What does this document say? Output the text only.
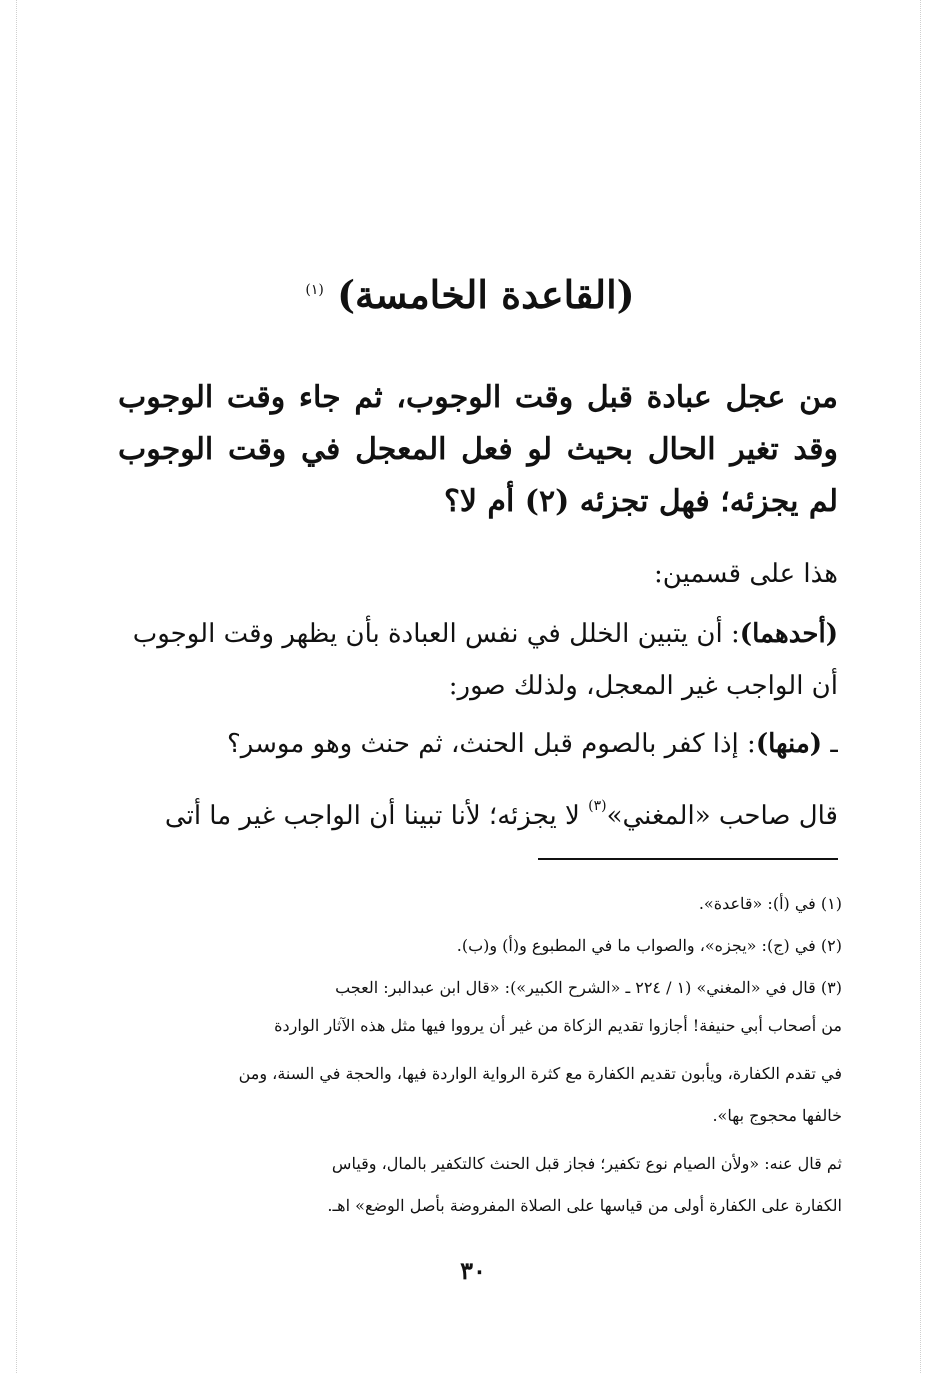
(القاعدة الخامسة) $^{(١)}$
من عجل عبادة قبل وقت الوجوب، ثم جاء وقت الوجوب وقد تغير الحال بحيث لو فعل المعجل في وقت الوجوب لم يجزئه؛ فهل تجزئه (٢) أم لا؟
هذا على قسمين:
(أحدهما): أن يتبين الخلل في نفس العبادة بأن يظهر وقت الوجوب
أن الواجب غير المعجل، ولذلك صور:
ـ (منها): إذا كفر بالصوم قبل الحنث، ثم حنث وهو موسر؟
قال صاحب «المغني»$^{(٣)}$ لا يجزئه؛ لأنا تبينا أن الواجب غير ما أتى
(١) في (أ): «قاعدة».
(٢) في (ج): «يجزه»، والصواب ما في المطبوع و(أ) و(ب).
(٣) قال في «المغني» (١ / ٢٢٤ ـ «الشرح الكبير»): «قال ابن عبدالبر: العجب
من أصحاب أبي حنيفة! أجازوا تقديم الزكاة من غير أن يرووا فيها مثل هذه الآثار الواردة
في تقدم الكفارة، ويأبون تقديم الكفارة مع كثرة الرواية الواردة فيها، والحجة في السنة، ومن
خالفها محجوج بها».
ثم قال عنه: «ولأن الصيام نوع تكفير؛ فجاز قبل الحنث كالتكفير بالمال، وقياس
الكفارة على الكفارة أولى من قياسها على الصلاة المفروضة بأصل الوضع» اهـ.
٣٠
